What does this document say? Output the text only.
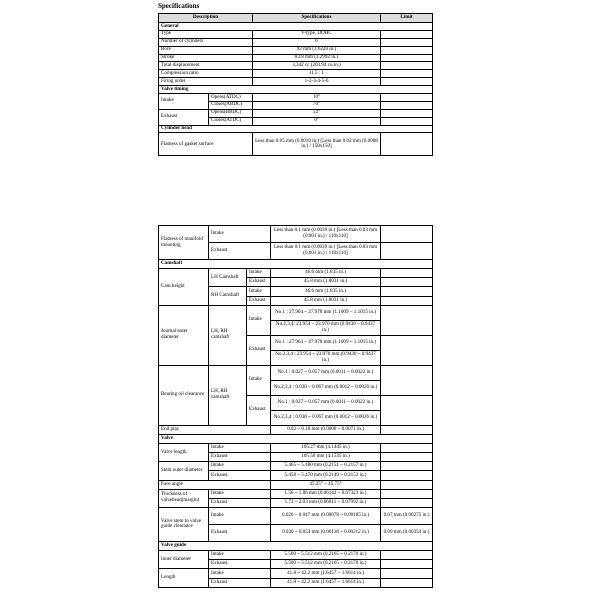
Specifications
Description		Specifications	Limit
General			
Type		V-type, DOHC	
Number of cylinders		6	
Bore		92 mm (3.6220 in.)	
Stroke		83.8 mm (3.2992 in.)	
Total displacement		3,342 cc (203.94 cu.in.)	
Compression ratio		11.5 : 1	
Firing order		1-2-3-4-5-6	
Valve timing			
Intake	Opens(ATDC)	10°	
	Closes(ABDC)	70°	
Exhaust	Opens(BBDC)	52°	
	Closes(ATDC)	0°	
Cylinder head			
Flatness of gasket surface		Less than 0.05 mm (0.0019 in.) [Less than 0.02 mm (0.0008 in.) / 150x150]	
Flatness of manifold mounting	Intake		Less than 0.1 mm (0.0039 in.) [Less than 0.03 mm (0.001 in.) / 110x110]	
	Exhaust		Less than 0.1 mm (0.0039 in.) [Less than 0.03 mm (0.001 in.) / 110x110]	
Camshaft				
Cam height	LH Camshaft	Intake	46.6 mm (1.835 in.)	
		Exhaust	45.8 mm (1.8031 in.)	
	RH Camshaft	Intake	46.6 mm (1.835 in.)	
		Exhaust	45.8 mm (1.8031 in.)	
Journal outer diameter	LH, RH camshaft	Intake	No.1 : 27.964 ~ 27.978 mm (1.1009 ~ 1.1015 in.)	
			No.2,3,4: 23.954 ~ 23.970 mm (0.9430 ~ 0.9437 in.)	
		Exhaust	No.1 : 27.964 ~ 27.978 mm (1.1009 ~ 1.1015 in.)	
			No.2,3,4 : 23.954 ~ 23.970 mm (0.9430 ~ 0.9437 in.)	
Bearing oil clearance	LH, RH camshaft	Intake	No.1 : 0.027 ~ 0.057 mm (0.0011 ~ 0.0022 in.)	
			No.2,3,4 : 0.030 ~ 0.067 mm (0.0012 ~ 0.0026 in.)	
		Exhaust	No.1 : 0.027 ~ 0.057 mm (0.0011 ~ 0.0022 in.)	
			No.2,3,4 : 0.030 ~ 0.067 mm (0.0012 ~ 0.0026 in.)	
End play			0.02 ~ 0.18 mm (0.0008 ~ 0.0071 in.)	
Valve				
Valve length	Intake		105.27 mm (4.1445 in.)	
	Exhaust		105.50 mm (4.1535 in.)	
Stem outer diameter	Intake		5.465 ~ 5.480 mm (0.2151 ~ 0.2157 in.)	
	Exhaust		5.458 ~ 5.470 mm (0.2149 ~ 0.2153 in.)	
Face angle			45.25° ~ 45.75°	
Thickness of valvehead(margin)	Intake		1.56 ~ 1.86 mm (0.06142 ~ 0.07323 in.)	
	Exhaust		1.73 ~ 2.03 mm (0.06811 ~ 0.07992 in.)	
Valve stem to valve guide clearance	Intake		0.020 ~ 0.047 mm (0.00078 ~ 0.00185 in.)	0.07 mm (0.00275 in.)
	Exhaust		0.030 ~ 0.054 mm (0.00118 ~ 0.00212 in.)	0.09 mm (0.00354 in.)
Valve guide				
Inner diameter	Intake		5.500 ~ 5.512 mm (0.2165 ~ 0.2170 in.)	
	Exhaust		5.500 ~ 5.512 mm (0.2165 ~ 0.2170 in.)	
Length	Intake		41.8 ~ 42.2 mm (1.6457 ~ 1.6614 in.)	
	Exhaust		41.8 ~ 42.2 mm (1.6457 ~ 1.6614 in.)	
